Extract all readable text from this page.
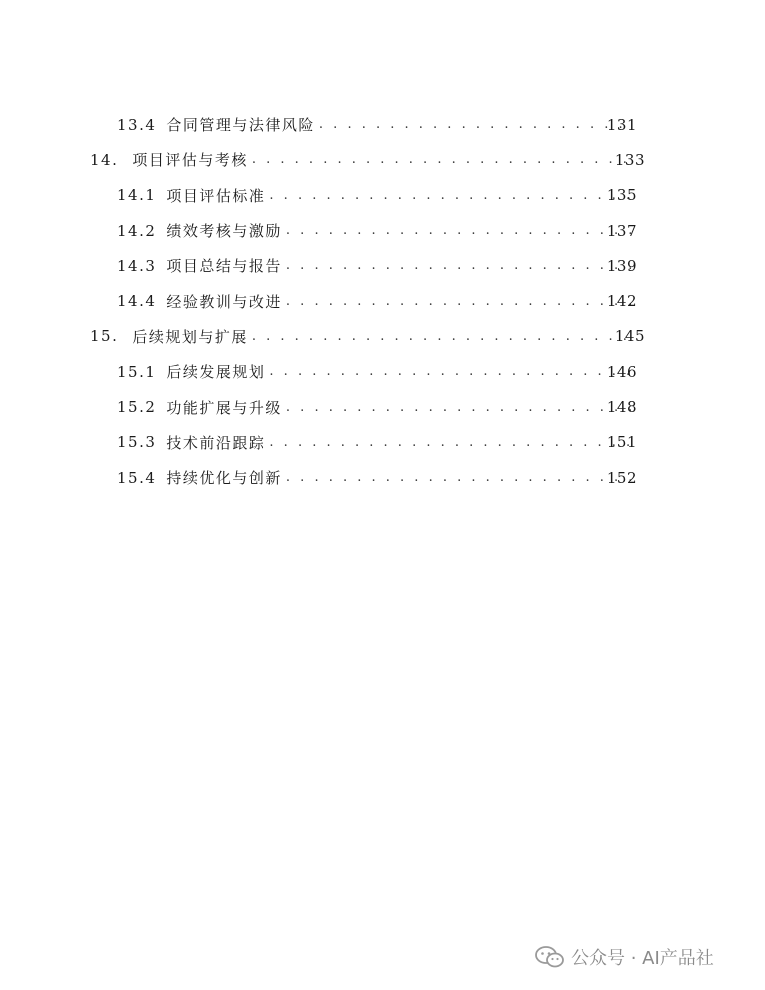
13.4 合同管理与法律风险 . . .	131
14. 项目评估与考核 . . .	133
14.1 项目评估标准 . . .	135
14.2 绩效考核与激励 . . .	137
14.3 项目总结与报告 . . .	139
14.4 经验教训与改进 . . .	142
15. 后续规划与扩展 . . .	145
15.1 后续发展规划 . . .	146
15.2 功能扩展与升级 . . .	148
15.3 技术前沿跟踪 . . .	151
15.4 持续优化与创新 . . .	152
公众号 · AI产品社
